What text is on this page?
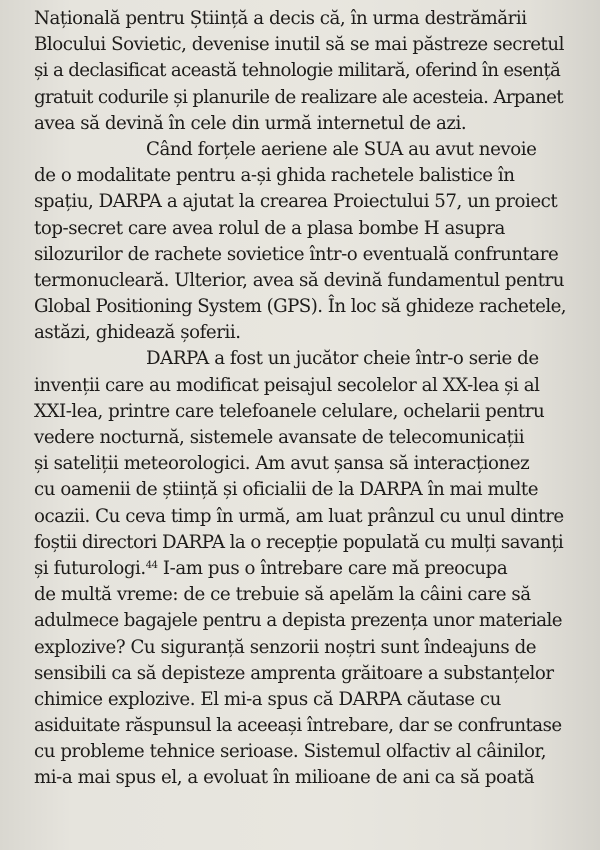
Națională pentru Știință a decis că, în urma destrămării
Blocului Sovietic, devenise inutil să se mai păstreze secretul
și a declasificat această tehnologie militară, oferind în esență
gratuit codurile și planurile de realizare ale acesteia. Arpanet
avea să devină în cele din urmă internetul de azi.
Când forțele aeriene ale SUA au avut nevoie
de o modalitate pentru a-și ghida rachetele balistice în
spațiu, DARPA a ajutat la crearea Proiectului 57, un proiect
top-secret care avea rolul de a plasa bombe H asupra
silozurilor de rachete sovietice într-o eventuală confruntare
termonucleară. Ulterior, avea să devină fundamentul pentru
Global Positioning System (GPS). În loc să ghideze rachetele,
astăzi, ghidează șoferii.
DARPA a fost un jucător cheie într-o serie de
invenții care au modificat peisajul secolelor al XX-lea și al
XXI-lea, printre care telefoanele celulare, ochelarii pentru
vedere nocturnă, sistemele avansate de telecomunicații
și sateliții meteorologici. Am avut șansa să interacționez
cu oamenii de știință și oficialii de la DARPA în mai multe
ocazii. Cu ceva timp în urmă, am luat prânzul cu unul dintre
foștii directori DARPA la o recepție populată cu mulți savanți
și futurologi.$^{44}$ I-am pus o întrebare care mă preocupa
de multă vreme: de ce trebuie să apelăm la câini care să
adulmece bagajele pentru a depista prezența unor materiale
explozive? Cu siguranță senzorii noștri sunt îndeajuns de
sensibili ca să depisteze amprenta grăitoare a substanțelor
chimice explozive. El mi-a spus că DARPA căutase cu
asiduitate răspunsul la aceeași întrebare, dar se confruntase
cu probleme tehnice serioase. Sistemul olfactiv al câinilor,
mi-a mai spus el, a evoluat în milioane de ani ca să poată
